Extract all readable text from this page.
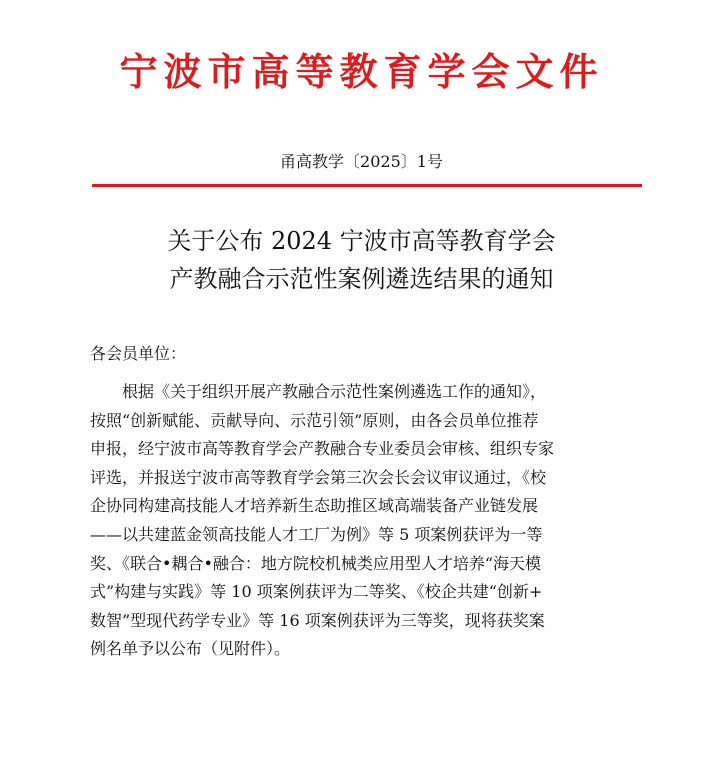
宁波市高等教育学会文件
甬高教学〔2025〕1号
关于公布 2024 宁波市高等教育学会
产教融合示范性案例遴选结果的通知
各会员单位：
根据《关于组织开展产教融合示范性案例遴选工作的通知》，
按照“创新赋能、贡献导向、示范引领”原则，由各会员单位推荐
申报，经宁波市高等教育学会产教融合专业委员会审核、组织专家
评选，并报送宁波市高等教育学会第三次会长会议审议通过，《校
企协同构建高技能人才培养新生态助推区域高端装备产业链发展
——以共建蓝金领高技能人才工厂为例》等 5 项案例获评为一等
奖、《联合•耦合•融合：地方院校机械类应用型人才培养“海天模
式”构建与实践》等 10 项案例获评为二等奖、《校企共建“创新+
数智”型现代药学专业》等 16 项案例获评为三等奖，现将获奖案
例名单予以公布（见附件）。
